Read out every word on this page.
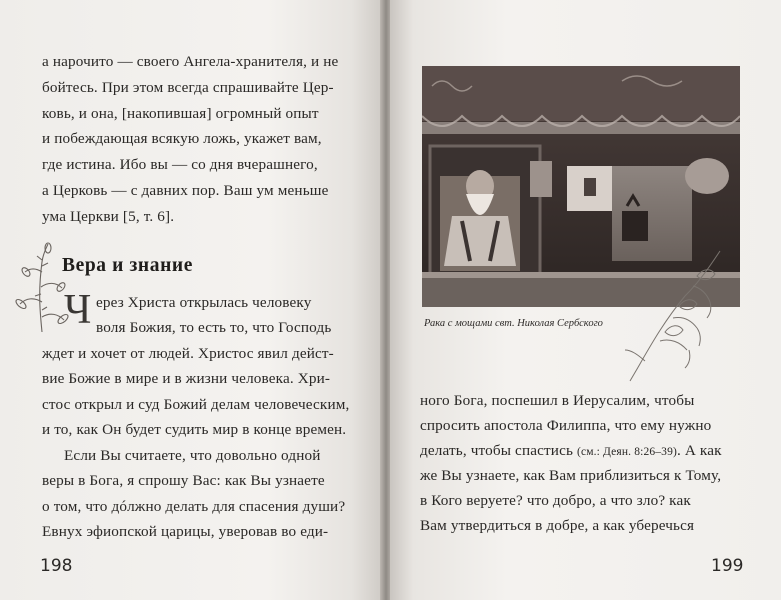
а нарочито — своего Ангела-хранителя, и не
бойтесь. При этом всегда спрашивайте Цер-
ковь, и она, [накопившая] огромный опыт
и побеждающая всякую ложь, укажет вам,
где истина. Ибо вы — со дня вчерашнего,
а Церковь — с давних пор. Ваш ум меньше
ума Церкви [5, т. 6].
Вера и знание
Ч ерез Христа открылась человеку
воля Божия, то есть то, что Господь
ждет и хочет от людей. Христос явил дейст-
вие Божие в мире и в жизни человека. Хри-
стос открыл и суд Божий делам человеческим,
и то, как Он будет судить мир в конце времен.
Если Вы считаете, что довольно одной
веры в Бога, я спрошу Вас: как Вы узнаете
о том, что дóлжно делать для спасения души?
Евнух эфиопской царицы, уверовав во еди-
198
Рака с мощами свт. Николая Сербского
ного Бога, поспешил в Иерусалим, чтобы
спросить апостола Филиппа, что ему нужно
делать, чтобы спастись (см.: Деян. 8:26–39). А как
же Вы узнаете, как Вам приблизиться к Тому,
в Кого веруете? что добро, а что зло? как
Вам утвердиться в добре, а как уберечься
199
